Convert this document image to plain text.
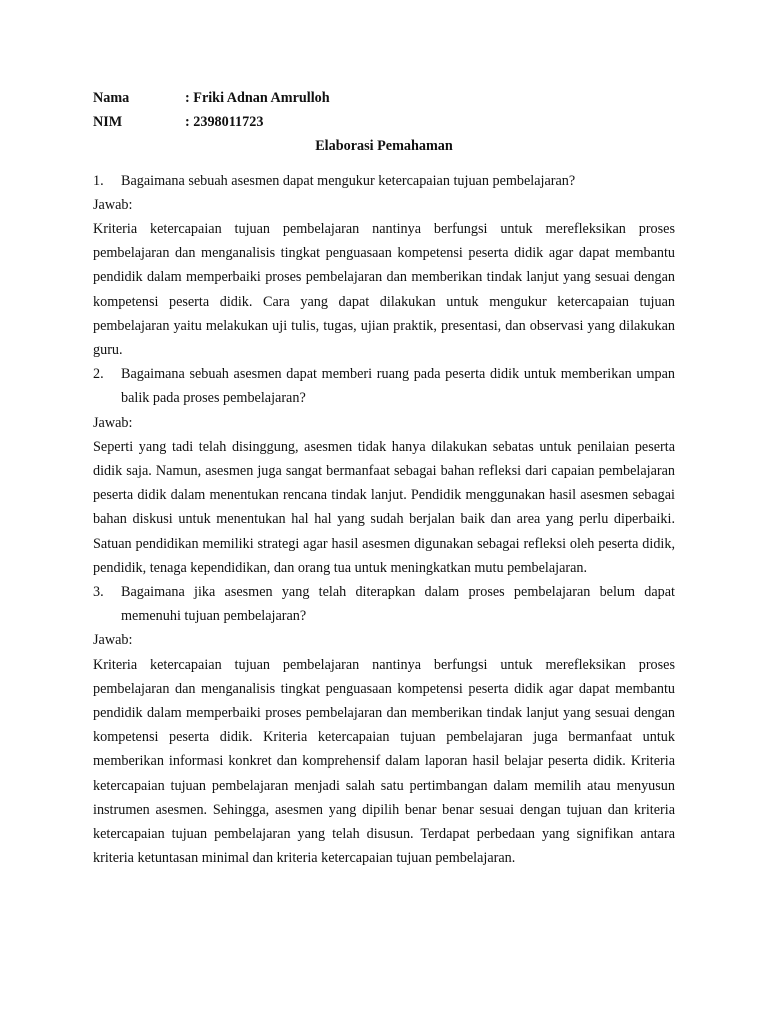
Nama	: Friki Adnan Amrulloh
NIM	: 2398011723
Elaborasi Pemahaman
1.	Bagaimana sebuah asesmen dapat mengukur ketercapaian tujuan pembelajaran?
Jawab:

Kriteria ketercapaian tujuan pembelajaran nantinya berfungsi untuk merefleksikan proses pembelajaran dan menganalisis tingkat penguasaan kompetensi peserta didik agar dapat membantu pendidik dalam memperbaiki proses pembelajaran dan memberikan tindak lanjut yang sesuai dengan kompetensi peserta didik. Cara yang dapat dilakukan untuk mengukur ketercapaian tujuan pembelajaran yaitu melakukan uji tulis, tugas, ujian praktik, presentasi, dan observasi yang dilakukan guru.

2.	Bagaimana sebuah asesmen dapat memberi ruang pada peserta didik untuk memberikan umpan balik pada proses pembelajaran?
Jawab:

Seperti yang tadi telah disinggung, asesmen tidak hanya dilakukan sebatas untuk penilaian peserta didik saja. Namun, asesmen juga sangat bermanfaat sebagai bahan refleksi dari capaian pembelajaran peserta didik dalam menentukan rencana tindak lanjut. Pendidik menggunakan hasil asesmen sebagai bahan diskusi untuk menentukan hal hal yang sudah berjalan baik dan area yang perlu diperbaiki. Satuan pendidikan memiliki strategi agar hasil asesmen digunakan sebagai refleksi oleh peserta didik, pendidik, tenaga kependidikan, dan orang tua untuk meningkatkan mutu pembelajaran.

3.	Bagaimana jika asesmen yang telah diterapkan dalam proses pembelajaran belum dapat memenuhi tujuan pembelajaran?
Jawab:

Kriteria ketercapaian tujuan pembelajaran nantinya berfungsi untuk merefleksikan proses pembelajaran dan menganalisis tingkat penguasaan kompetensi peserta didik agar dapat membantu pendidik dalam memperbaiki proses pembelajaran dan memberikan tindak lanjut yang sesuai dengan kompetensi peserta didik. Kriteria ketercapaian tujuan pembelajaran juga bermanfaat untuk memberikan informasi konkret dan komprehensif dalam laporan hasil belajar peserta didik. Kriteria ketercapaian tujuan pembelajaran menjadi salah satu pertimbangan dalam memilih atau menyusun instrumen asesmen. Sehingga, asesmen yang dipilih benar benar sesuai dengan tujuan dan kriteria ketercapaian tujuan pembelajaran yang telah disusun. Terdapat perbedaan yang signifikan antara kriteria ketuntasan minimal dan kriteria ketercapaian tujuan pembelajaran.
